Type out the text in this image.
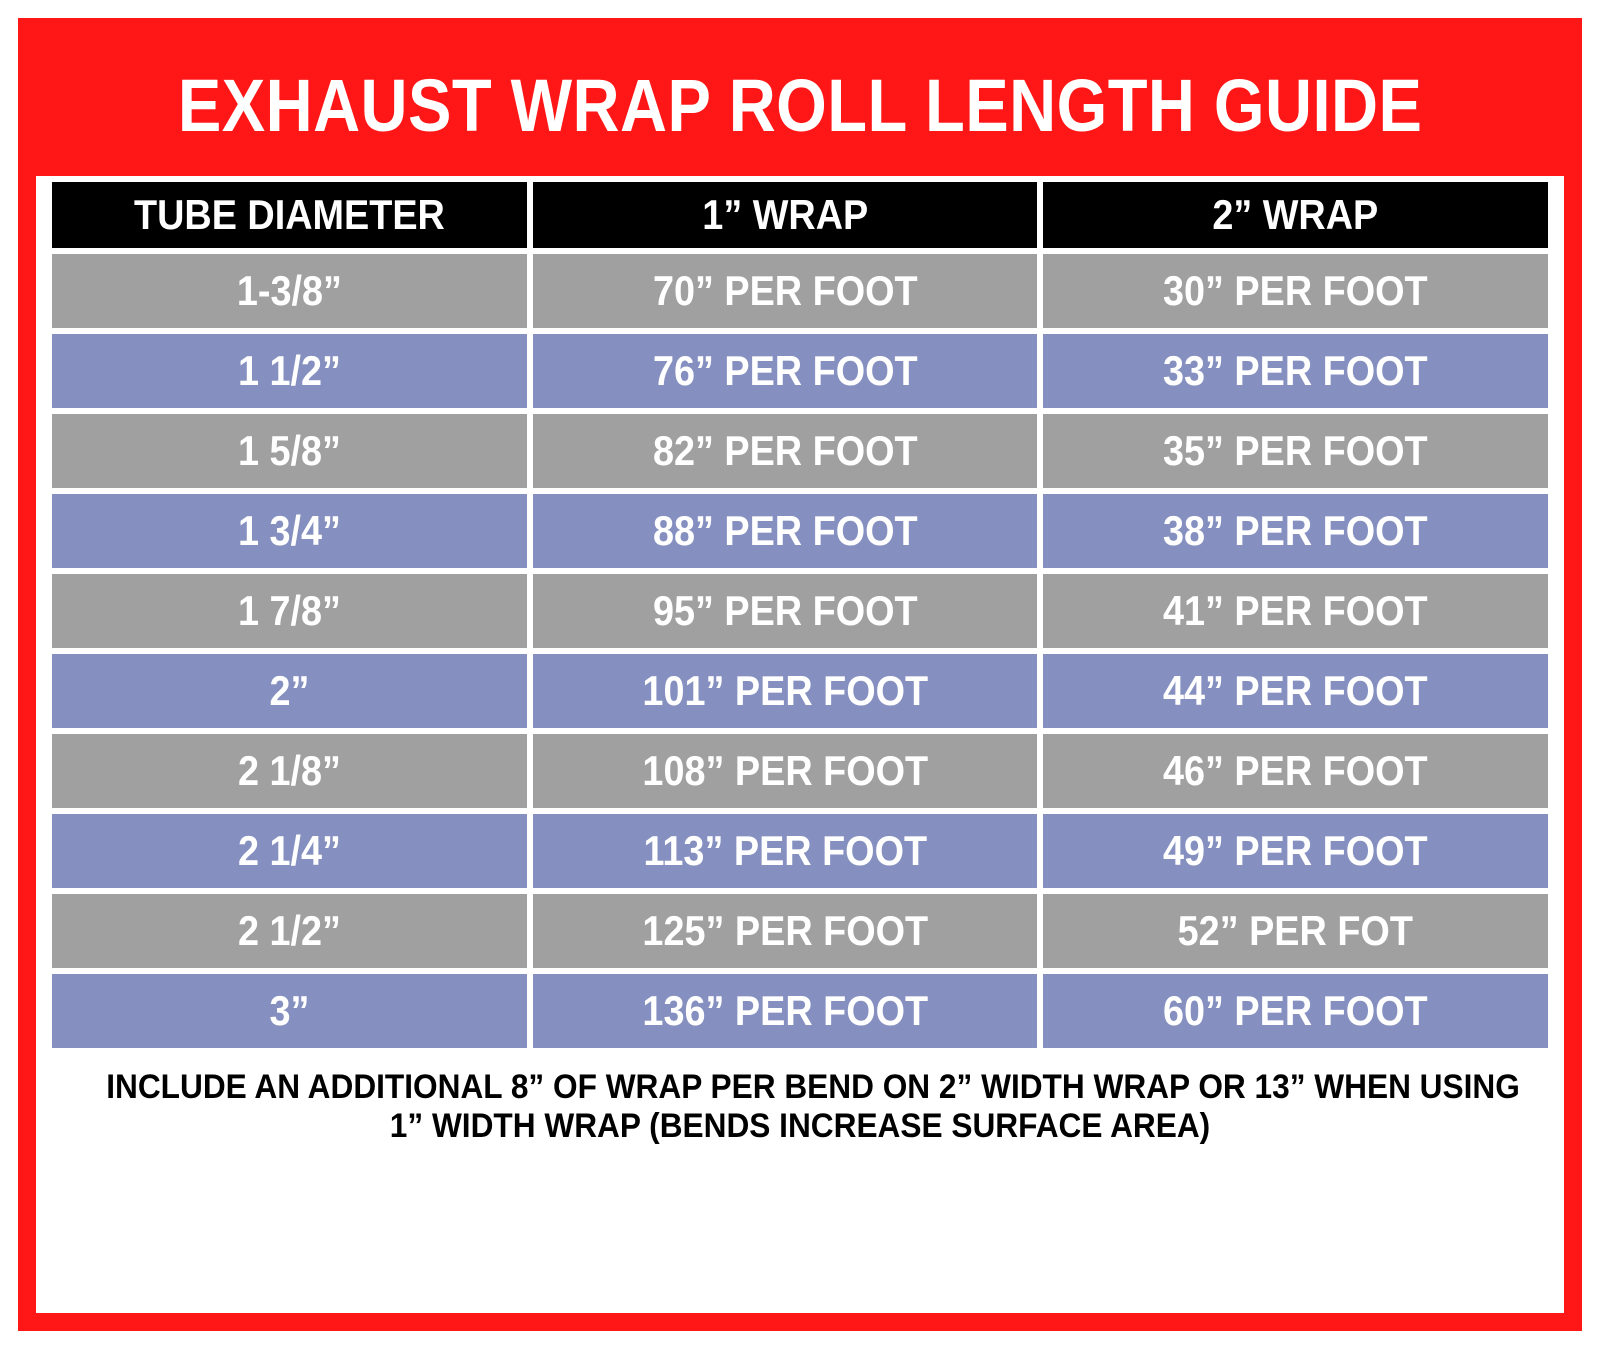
EXHAUST WRAP ROLL LENGTH GUIDE
TUBE DIAMETER	1” WRAP	2” WRAP

1-3/8”	70” PER FOOT	30” PER FOOT

1 1/2”	76” PER FOOT	33” PER FOOT

1 5/8”	82” PER FOOT	35” PER FOOT

1 3/4”	88” PER FOOT	38” PER FOOT

1 7/8”	95” PER FOOT	41” PER FOOT

2”	101” PER FOOT	44” PER FOOT

2 1/8”	108” PER FOOT	46” PER FOOT

2 1/4”	113” PER FOOT	49” PER FOOT

2 1/2”	125” PER FOOT	52” PER FOT

3”	136” PER FOOT	60” PER FOOT
INCLUDE AN ADDITIONAL 8” OF WRAP PER BEND ON 2” WIDTH WRAP OR 13” WHEN USING
1” WIDTH WRAP (BENDS INCREASE SURFACE AREA)
